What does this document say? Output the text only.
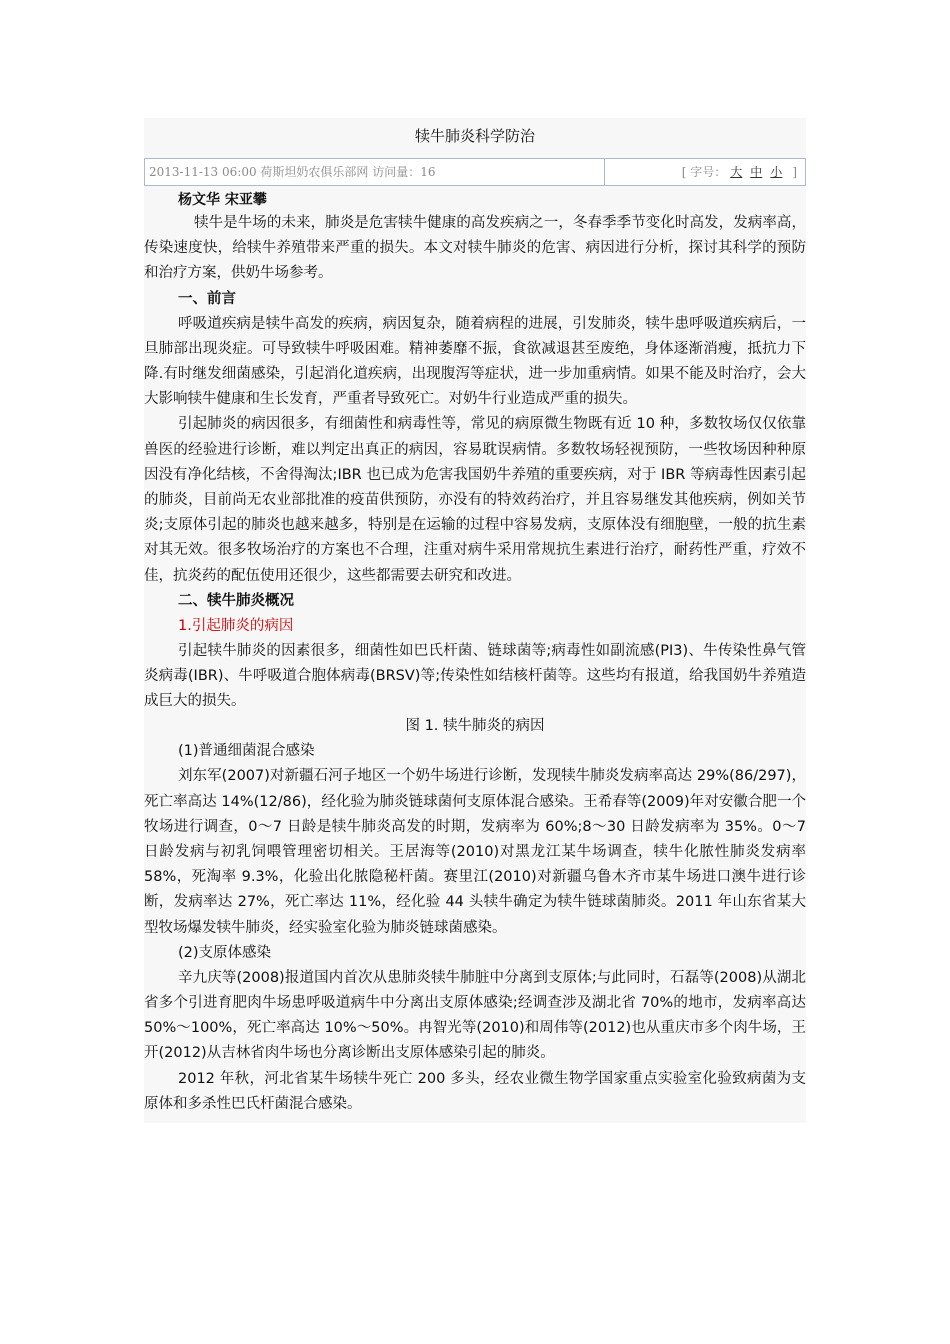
犊牛肺炎科学防治
2013-11-13 06:00 荷斯坦奶农俱乐部网 访问量：16	[ 字号： 大 中 小 ]
杨文华 宋亚攀

犊牛是牛场的未来，肺炎是危害犊牛健康的高发疾病之一，冬春季季节变化时高发，发病率高，传染速度快，给犊牛养殖带来严重的损失。本文对犊牛肺炎的危害、病因进行分析，探讨其科学的预防和治疗方案，供奶牛场参考。

一、前言

呼吸道疾病是犊牛高发的疾病，病因复杂，随着病程的进展，引发肺炎，犊牛患呼吸道疾病后，一旦肺部出现炎症。可导致犊牛呼吸困难。精神萎靡不振，食欲减退甚至废绝，身体逐渐消瘦，抵抗力下降.有时继发细菌感染，引起消化道疾病，出现腹泻等症状，进一步加重病情。如果不能及时治疗，会大大影响犊牛健康和生长发育，严重者导致死亡。对奶牛行业造成严重的损失。

引起肺炎的病因很多，有细菌性和病毒性等，常见的病原微生物既有近 10 种，多数牧场仅仅依靠兽医的经验进行诊断，难以判定出真正的病因，容易耽误病情。多数牧场轻视预防，一些牧场因种种原因没有净化结核，不舍得淘汰;IBR 也已成为危害我国奶牛养殖的重要疾病，对于 IBR 等病毒性因素引起的肺炎，目前尚无农业部批准的疫苗供预防，亦没有的特效药治疗，并且容易继发其他疾病，例如关节炎;支原体引起的肺炎也越来越多，特别是在运输的过程中容易发病，支原体没有细胞壁，一般的抗生素对其无效。很多牧场治疗的方案也不合理，注重对病牛采用常规抗生素进行治疗，耐药性严重，疗效不佳，抗炎药的配伍使用还很少，这些都需要去研究和改进。

二、犊牛肺炎概况
1.引起肺炎的病因

引起犊牛肺炎的因素很多，细菌性如巴氏杆菌、链球菌等;病毒性如副流感(PI3)、牛传染性鼻气管炎病毒(IBR)、牛呼吸道合胞体病毒(BRSV)等;传染性如结核杆菌等。这些均有报道，给我国奶牛养殖造成巨大的损失。

图 1. 犊牛肺炎的病因
(1)普通细菌混合感染

刘东军(2007)对新疆石河子地区一个奶牛场进行诊断，发现犊牛肺炎发病率高达 29%(86/297)，死亡率高达 14%(12/86)，经化验为肺炎链球菌何支原体混合感染。王希春等(2009)年对安徽合肥一个牧场进行调查，0～7 日龄是犊牛肺炎高发的时期，发病率为 60%;8～30 日龄发病率为 35%。0～7 日龄发病与初乳饲喂管理密切相关。王居海等(2010)对黑龙江某牛场调查，犊牛化脓性肺炎发病率 58%，死淘率 9.3%，化验出化脓隐秘杆菌。赛里江(2010)对新疆乌鲁木齐市某牛场进口澳牛进行诊断，发病率达 27%，死亡率达 11%，经化验 44 头犊牛确定为犊牛链球菌肺炎。2011 年山东省某大型牧场爆发犊牛肺炎，经实验室化验为肺炎链球菌感染。

(2)支原体感染

辛九庆等(2008)报道国内首次从患肺炎犊牛肺脏中分离到支原体;与此同时，石磊等(2008)从湖北省多个引进育肥肉牛场患呼吸道病牛中分离出支原体感染;经调查涉及湖北省 70%的地市，发病率高达 50%～100%，死亡率高达 10%～50%。冉智光等(2010)和周伟等(2012)也从重庆市多个肉牛场，王开(2012)从吉林省肉牛场也分离诊断出支原体感染引起的肺炎。

2012 年秋，河北省某牛场犊牛死亡 200 多头，经农业微生物学国家重点实验室化验致病菌为支原体和多杀性巴氏杆菌混合感染。
